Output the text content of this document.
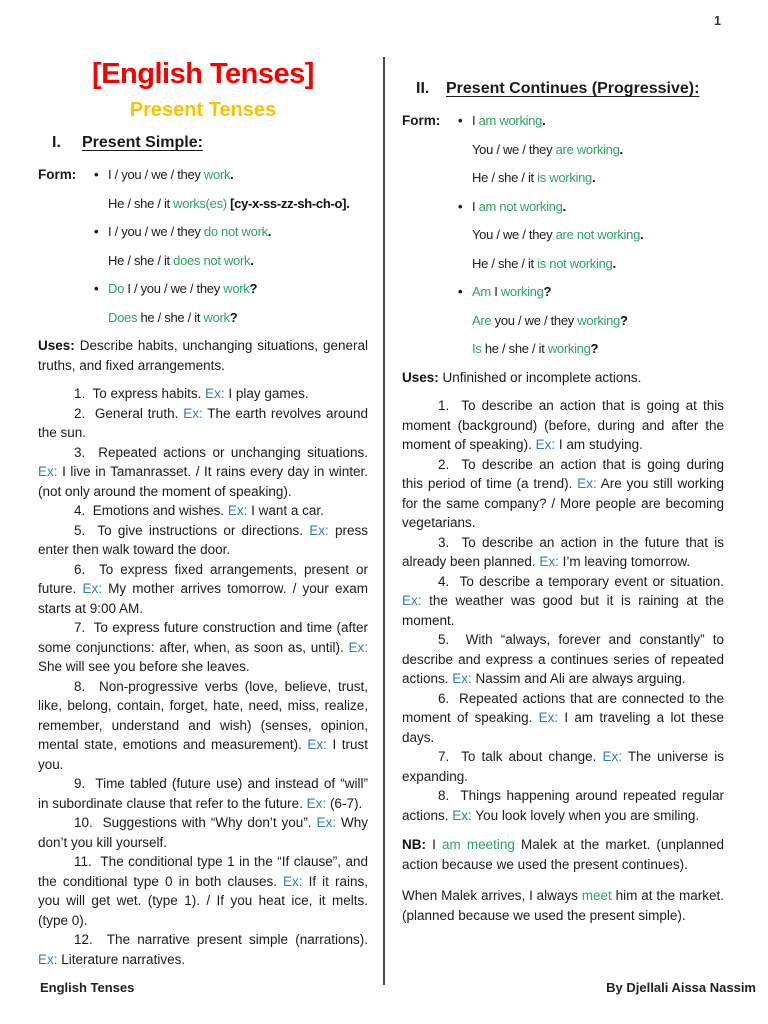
1
[English Tenses]
Present Tenses
I. Present Simple:
Form: •	I / you / we / they work.
He / she / it works(es) [cy-x-ss-zz-sh-ch-o].
•I / you / we / they do not work.
He / she / it does not work.
•Do I / you / we / they work?
Does he / she / it work?

Uses: Describe habits, unchanging situations, general truths, and fixed arrangements.

1.  To express habits. Ex: I play games.

2.  General truth. Ex: The earth revolves around the sun.

3.  Repeated actions or unchanging situations. Ex: I live in Tamanrasset. / It rains every day in winter. (not only around the moment of speaking).

4.  Emotions and wishes. Ex: I want a car.

5.  To give instructions or directions. Ex: press enter then walk toward the door.

6.  To express fixed arrangements, present or future. Ex: My mother arrives tomorrow. / your exam starts at 9:00 AM.

7.  To express future construction and time (after some conjunctions: after, when, as soon as, until). Ex: She will see you before she leaves.

8.  Non-progressive verbs (love, believe, trust, like, belong, contain, forget, hate, need, miss, realize, remember, understand and wish) (senses, opinion, mental state, emotions and measurement). Ex: I trust you.

9.  Time tabled (future use) and instead of “will” in subordinate clause that refer to the future. Ex: (6-7).

10.  Suggestions with “Why don’t you”. Ex: Why don’t you kill yourself.

11.  The conditional type 1 in the “If clause”, and the conditional type 0 in both clauses. Ex: If it rains, you will get wet. (type 1). / If you heat ice, it melts. (type 0).

12.  The narrative present simple (narrations). Ex: Literature narratives.

II. Present Continues (Progressive):
Form: •	I am working.
You / we / they are working.
He / she / it is working.
•I am not working.
You / we / they are not working.
He / she / it is not working.
•Am I working?
Are you / we / they working?
Is he / she / it working?

Uses: Unfinished or incomplete actions.

1.  To describe an action that is going at this moment (background) (before, during and after the moment of speaking). Ex: I am studying.

2.  To describe an action that is going during this period of time (a trend). Ex: Are you still working for the same company? / More people are becoming vegetarians.

3.  To describe an action in the future that is already been planned. Ex: I’m leaving tomorrow.

4.  To describe a temporary event or situation. Ex: the weather was good but it is raining at the moment.

5.  With “always, forever and constantly” to describe and express a continues series of repeated actions. Ex: Nassim and Ali are always arguing.

6.  Repeated actions that are connected to the moment of speaking. Ex: I am traveling a lot these days.

7.  To talk about change. Ex: The universe is expanding.

8.  Things happening around repeated regular actions. Ex: You look lovely when you are smiling.

NB: I am meeting Malek at the market. (unplanned action because we used the present continues).

When Malek arrives, I always meet him at the market. (planned because we used the present simple).

English Tenses	By Djellali Aissa Nassim
